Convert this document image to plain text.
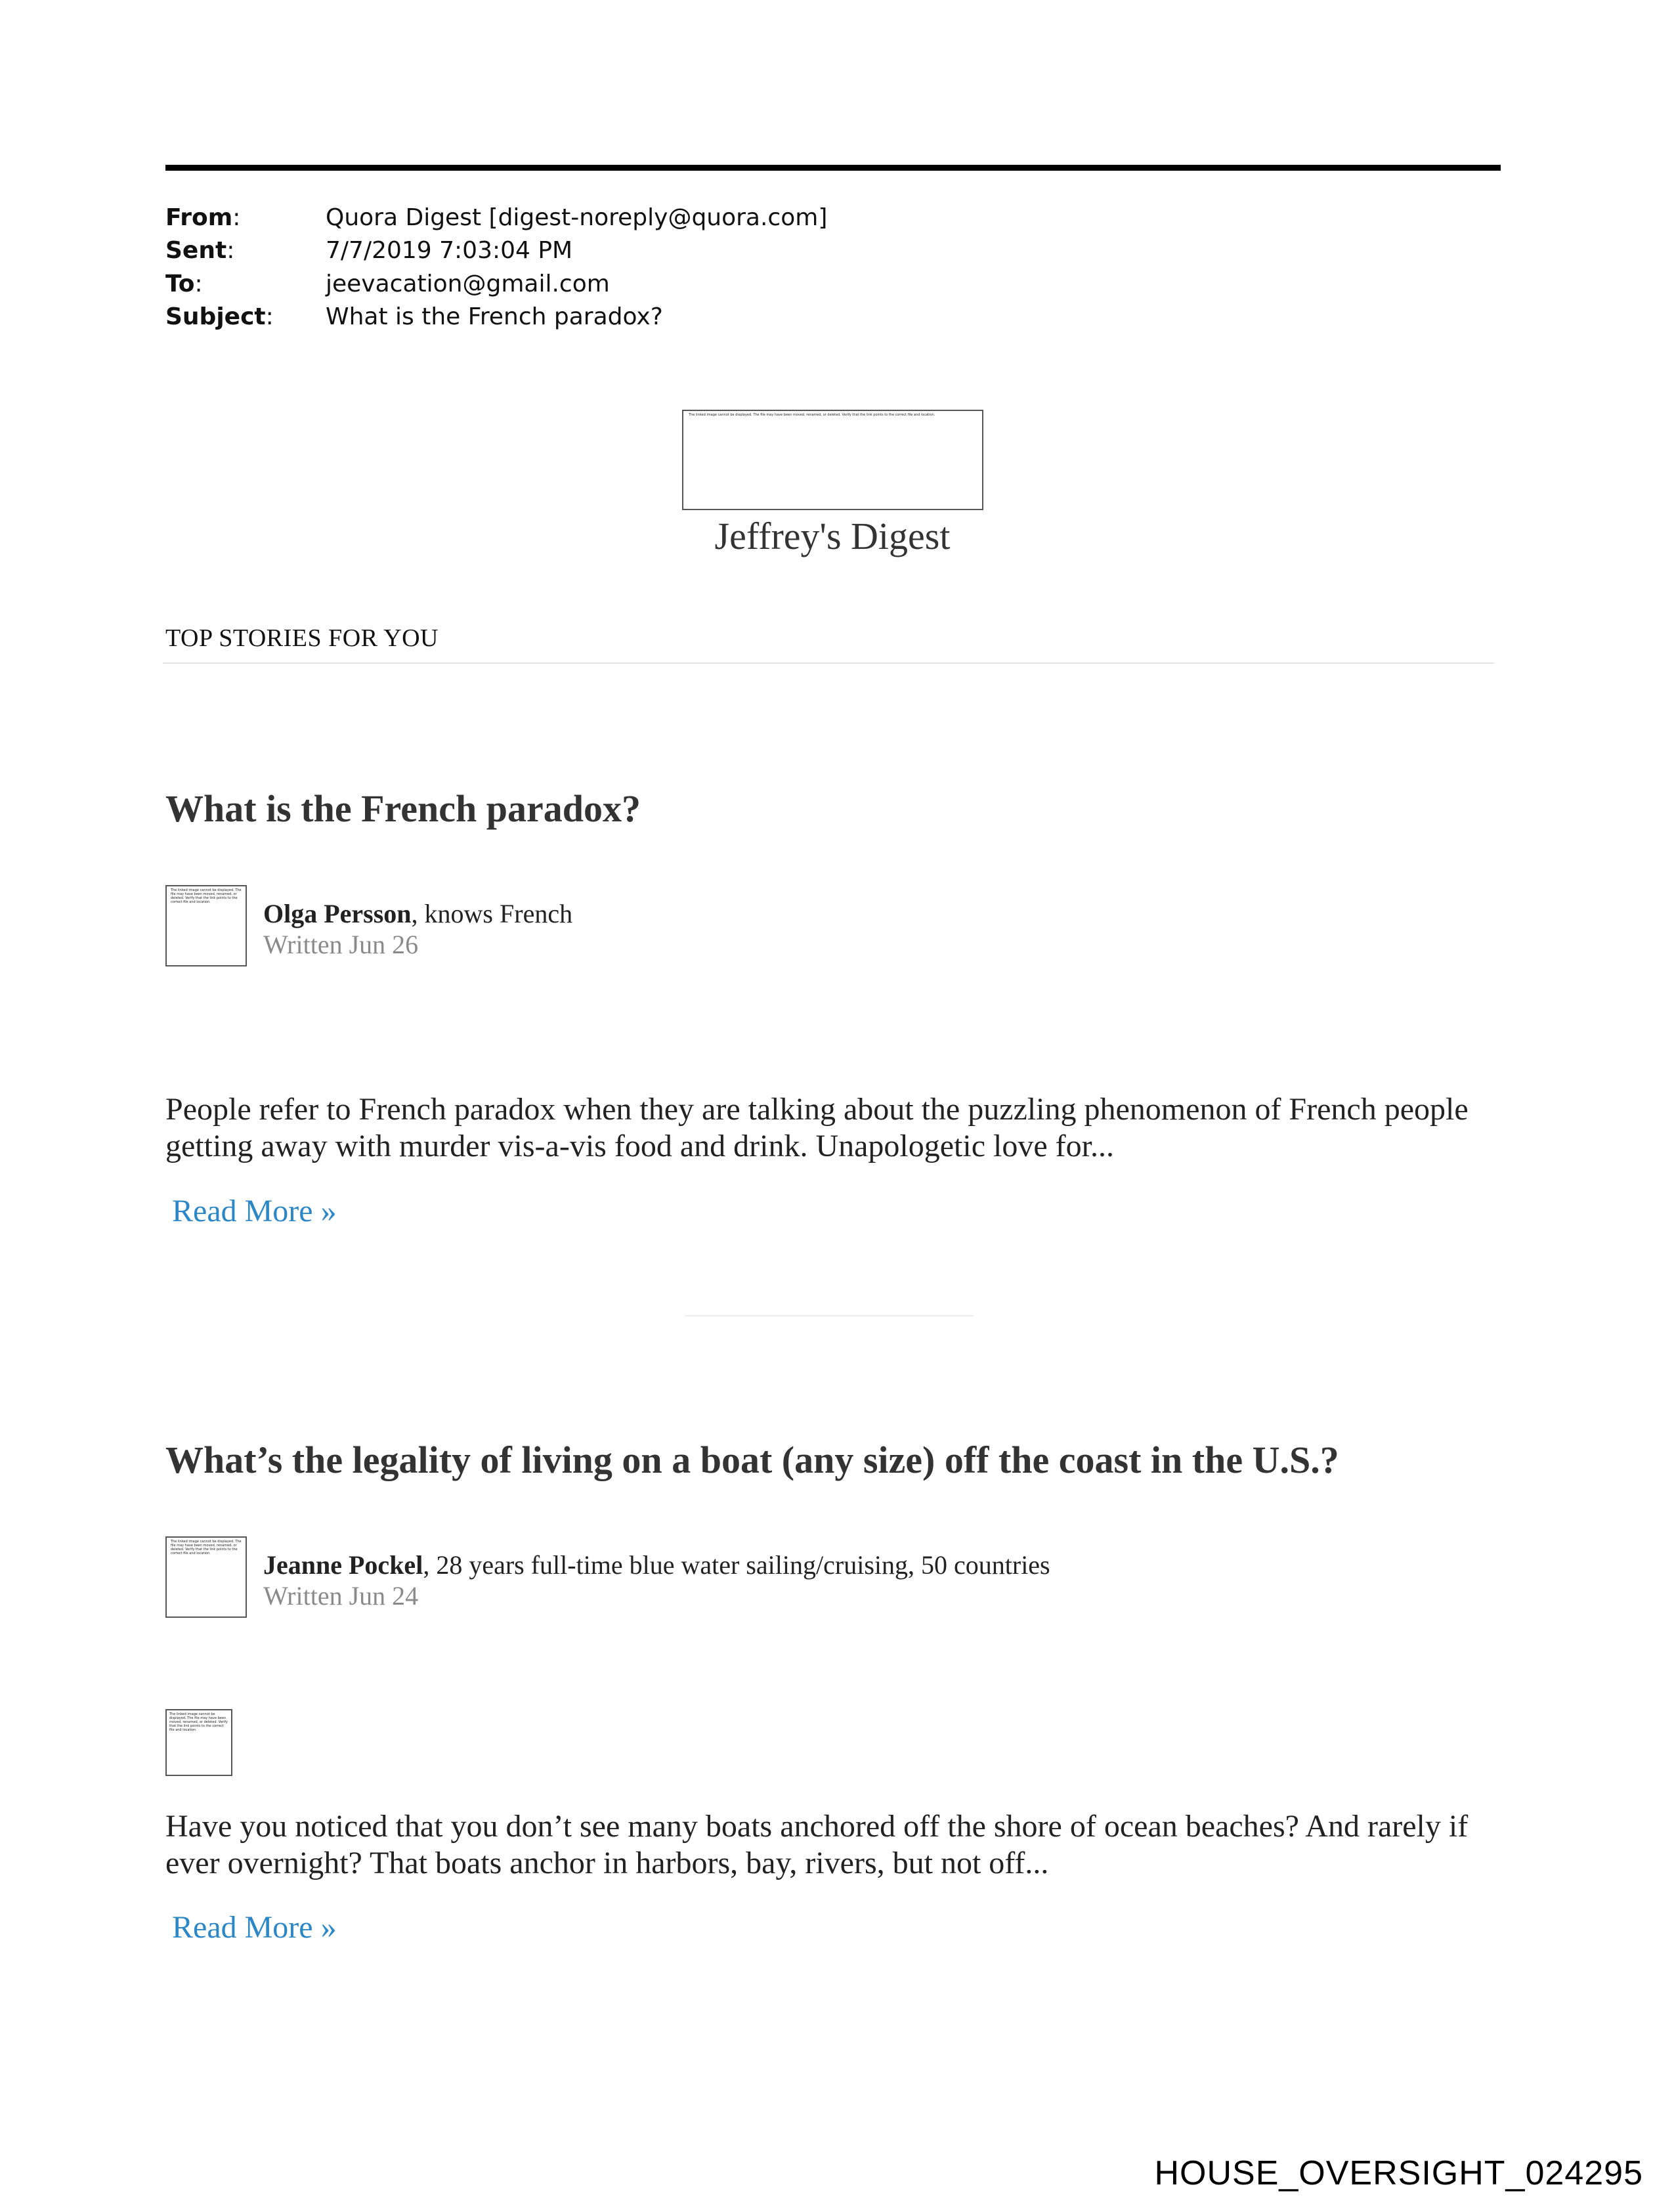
From:	Quora Digest [digest-noreply@quora.com]
Sent:	7/7/2019 7:03:04 PM
To:	jeevacation@gmail.com
Subject: What is the French paradox?
The linked image cannot be displayed. The file may have been moved, renamed, or deleted. Verify that the link points to the correct file and location.
Jeffrey's Digest
TOP STORIES FOR YOU
What is the French paradox?
The linked image cannot be displayed. The file may have been moved, renamed, or deleted. Verify that the link points to the correct file and location.	Olga Persson, knows French
Written Jun 26
People refer to French paradox when they are talking about the puzzling phenomenon of French people getting away with murder vis-a-vis food and drink. Unapologetic love for...
Read More »
What’s the legality of living on a boat (any size) off the coast in the U.S.?
The linked image cannot be displayed. The file may have been moved, renamed, or deleted. Verify that the link points to the correct file and location.	Jeanne Pockel, 28 years full-time blue water sailing/cruising, 50 countries
Written Jun 24
The linked image cannot be displayed. The file may have been moved, renamed, or deleted. Verify that the link points to the correct file and location.
Have you noticed that you don’t see many boats anchored off the shore of ocean beaches? And rarely if ever overnight? That boats anchor in harbors, bay, rivers, but not off...
Read More »
HOUSE_OVERSIGHT_024295
